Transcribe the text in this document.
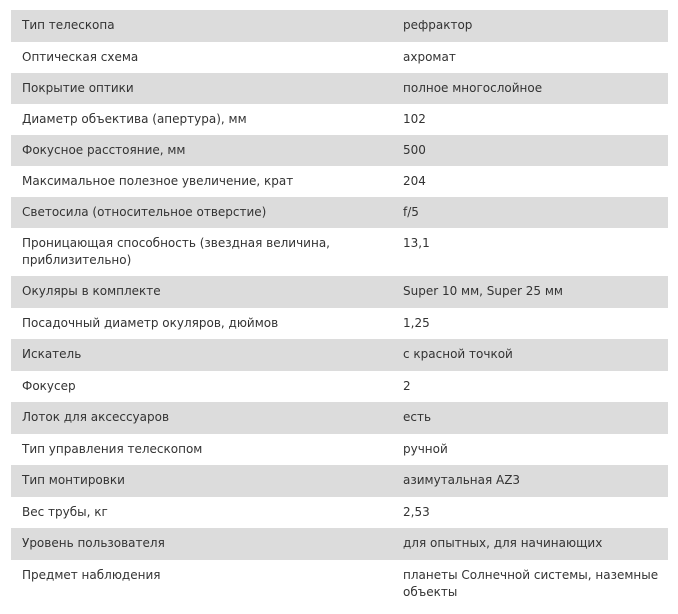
Тип телескопа	рефрактор
Оптическая схема	ахромат
Покрытие оптики	полное многослойное
Диаметр объектива (апертура), мм	102
Фокусное расстояние, мм	500
Максимальное полезное увеличение, крат	204
Светосила (относительное отверстие)	f/5
Проницающая способность (звездная величина, приблизительно)	13,1
Окуляры в комплекте	Super 10 мм, Super 25 мм
Посадочный диаметр окуляров, дюймов	1,25
Искатель	с красной точкой
Фокусер	2
Лоток для аксессуаров	есть
Тип управления телескопом	ручной
Тип монтировки	азимутальная AZ3
Вес трубы, кг	2,53
Уровень пользователя	для опытных, для начинающих
Предмет наблюдения	планеты Солнечной системы, наземные объекты
